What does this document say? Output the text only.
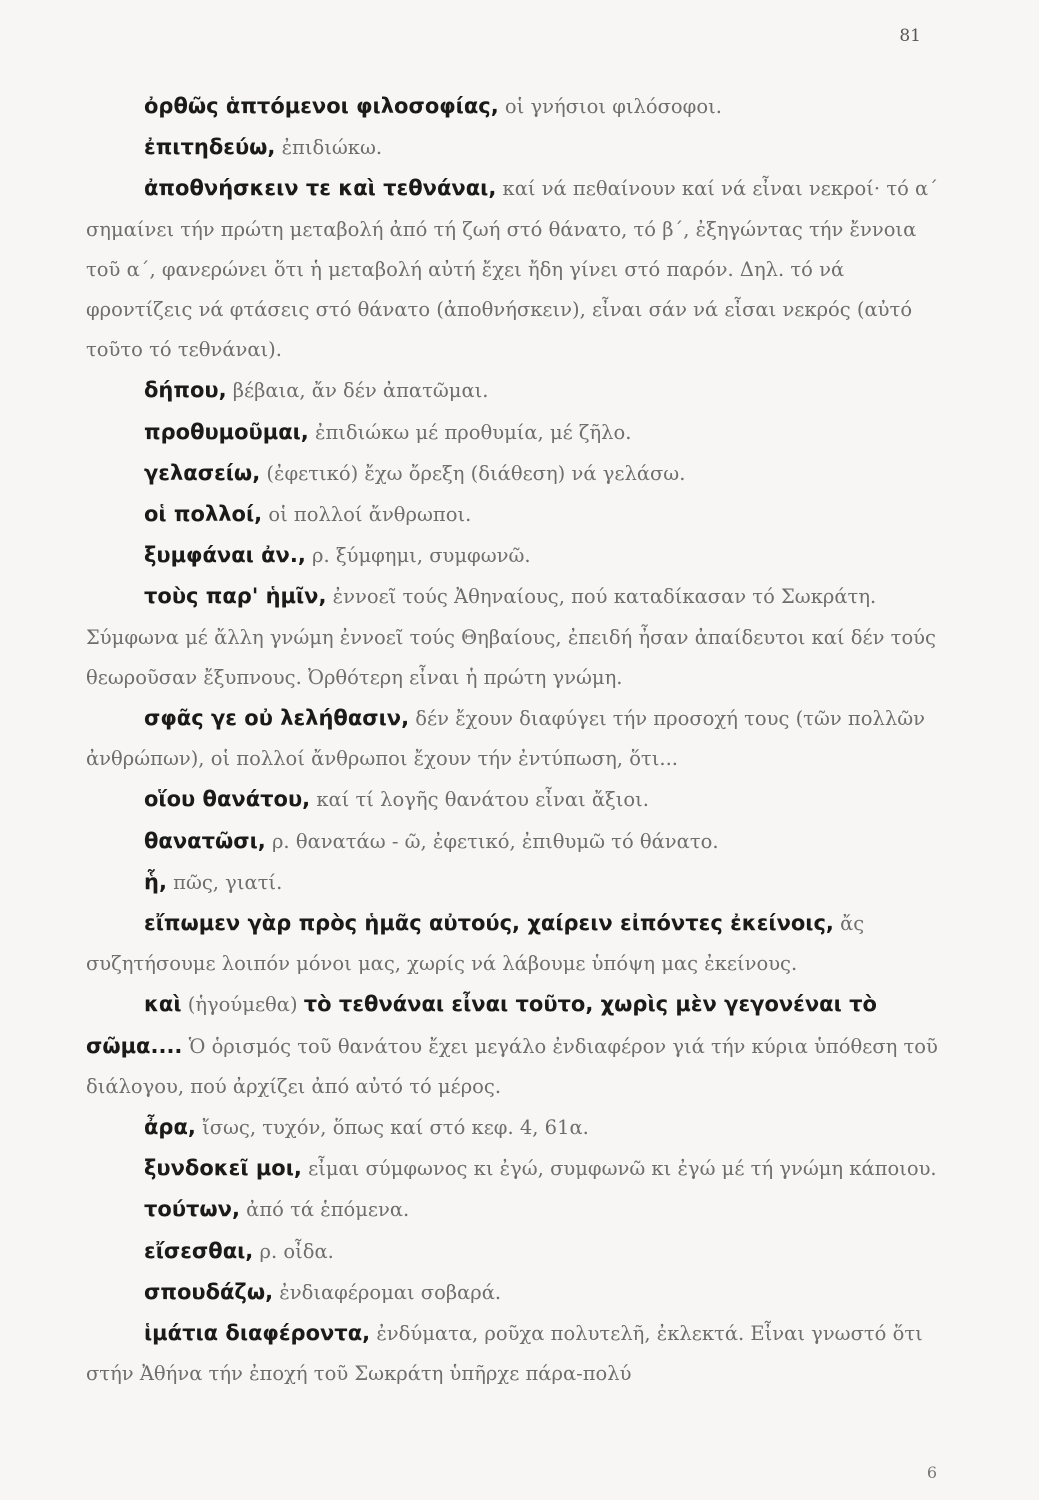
81

ὀρθῶς ἁπτόμενοι φιλοσοφίας, οἱ γνήσιοι φιλόσοφοι.

ἐπιτηδεύω, ἐπιδιώκω.

ἀποθνήσκειν τε καὶ τεθνάναι, καί νά πεθαίνουν καί νά εἶναι νεκροί· τό α΄ σημαίνει τήν πρώτη μεταβολή ἀπό τή ζωή στό θάνατο, τό β΄, ἐξηγώντας τήν ἔννοια τοῦ α΄, φανερώνει ὅτι ἡ μεταβολή αὐτή ἔχει ἤδη γίνει στό παρόν. Δηλ. τό νά φροντίζεις νά φτάσεις στό θάνατο (ἀποθνήσκειν), εἶναι σάν νά εἶσαι νεκρός (αὐτό τοῦτο τό τεθνάναι).

δήπου, βέβαια, ἄν δέν ἀπατῶμαι.

προθυμοῦμαι, ἐπιδιώκω μέ προθυμία, μέ ζῆλο.

γελασείω, (ἐφετικό) ἔχω ὄρεξη (διάθεση) νά γελάσω.

οἱ πολλοί, οἱ πολλοί ἄνθρωποι.

ξυμφάναι ἀν., ρ. ξύμφημι, συμφωνῶ.

τοὺς παρ' ἡμῖν, ἐννοεῖ τούς Ἀθηναίους, πού καταδίκασαν τό Σωκράτη. Σύμφωνα μέ ἄλλη γνώμη ἐννοεῖ τούς Θηβαίους, ἐπειδή ἦσαν ἀπαίδευτοι καί δέν τούς θεωροῦσαν ἔξυπνους. Ὀρθότερη εἶναι ἡ πρώτη γνώμη.

σφᾶς γε οὐ λελήθασιν, δέν ἔχουν διαφύγει τήν προσοχή τους (τῶν πολλῶν ἀνθρώπων), οἱ πολλοί ἄνθρωποι ἔχουν τήν ἐντύπωση, ὅτι...

οἵου θανάτου, καί τί λογῆς θανάτου εἶναι ἄξιοι.

θανατῶσι, ρ. θανατάω - ῶ, ἐφετικό, ἐπιθυμῶ τό θάνατο.

ἧ, πῶς, γιατί.

εἴπωμεν γὰρ πρὸς ἡμᾶς αὐτούς, χαίρειν εἰπόντες ἐκείνοις, ἄς συζητήσουμε λοιπόν μόνοι μας, χωρίς νά λάβουμε ὑπόψη μας ἐκείνους.

καὶ (ἡγούμεθα) τὸ τεθνάναι εἶναι τοῦτο, χωρὶς μὲν γεγονέναι τὸ σῶμα.... Ὁ ὁρισμός τοῦ θανάτου ἔχει μεγάλο ἐνδιαφέρον γιά τήν κύρια ὑπόθεση τοῦ διάλογου, πού ἀρχίζει ἀπό αὐτό τό μέρος.

ἆρα, ἴσως, τυχόν, ὅπως καί στό κεφ. 4, 61α.

ξυνδοκεῖ μοι, εἶμαι σύμφωνος κι ἐγώ, συμφωνῶ κι ἐγώ μέ τή γνώμη κάποιου.

τούτων, ἀπό τά ἑπόμενα.

εἴσεσθαι, ρ. οἶδα.

σπουδάζω, ἐνδιαφέρομαι σοβαρά.

ἱμάτια διαφέροντα, ἐνδύματα, ροῦχα πολυτελῆ, ἐκλεκτά. Εἶναι γνωστό ὅτι στήν Ἀθήνα τήν ἐποχή τοῦ Σωκράτη ὑπῆρχε πάρα-πολύ

6
